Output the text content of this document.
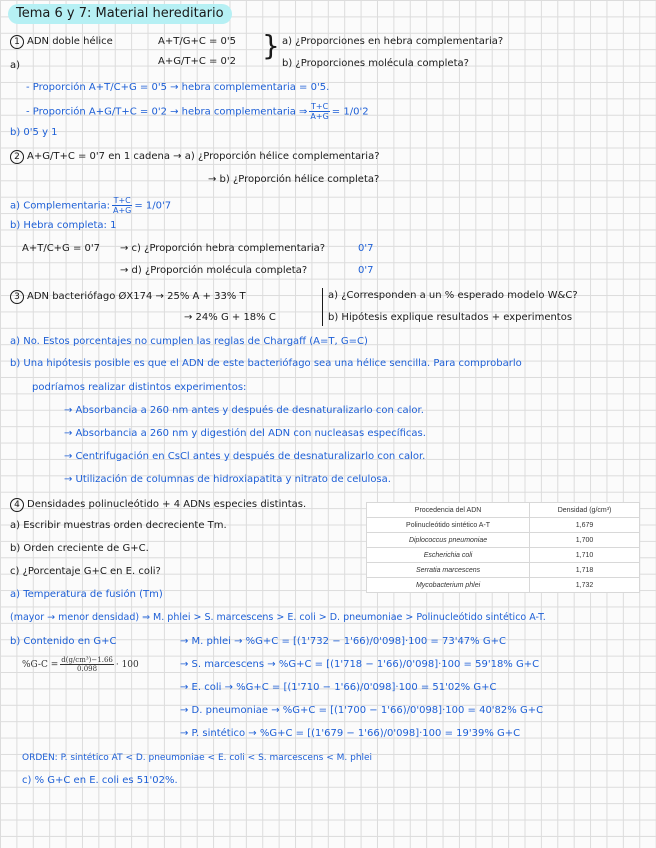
Tema 6 y 7: Material hereditario
1 ADN doble hélice	A+T/G+C = 0'5
A+G/T+C = 0'2 } a) ¿Proporciones en hebra complementaria?
b) ¿Proporciones molécula completa?
a)
- Proporción A+T/C+G = 0'5 → hebra complementaria = 0'5.
- Proporción A+G/T+C = 0'2 → hebra complementaria ⇒ $\frac{T+C}{A+G} = 1/0'2$
b) 0'5 y 1
2 A+G/T+C = 0'7 en 1 cadena → a) ¿Proporción hélice complementaria?
→ b) ¿Proporción hélice completa?
a) Complementaria: $\frac{T+C}{A+G} = 1/0'7$
b) Hebra completa: 1
A+T/C+G = 0'7 → c) ¿Proporción hebra complementaria?	0'7
→ d) ¿Proporción molécula completa?	0'7
3 ADN bacteriófago ØX174 → 25% A + 33% T
→ 24% G + 18% C
a) ¿Corresponden a un % esperado modelo W&C?
b) Hipótesis explique resultados + experimentos
a) No. Estos porcentajes no cumplen las reglas de Chargaff (A=T, G=C)
b) Una hipótesis posible es que el ADN de este bacteriófago sea una hélice sencilla. Para comprobarlo
podríamos realizar distintos experimentos:
→ Absorbancia a 260 nm antes y después de desnaturalizarlo con calor.
→ Absorbancia a 260 nm y digestión del ADN con nucleasas específicas.
→ Centrifugación en CsCl antes y después de desnaturalizarlo con calor.
→ Utilización de columnas de hidroxiapatita y nitrato de celulosa.
4 Densidades polinucleótido + 4 ADNs especies distintas.
a) Escribir muestras orden decreciente Tm.
b) Orden creciente de G+C.
c) ¿Porcentaje G+C en E. coli?
a) Temperatura de fusión (Tm)
(mayor → menor densidad) ⇒ M. phlei > S. marcescens > E. coli > D. pneumoniae > Polinucleótido sintético A-T.
b) Contenido en G+C
$\%G-C = \frac{\text{d(g/cm³)−1.66}}{0.098} \cdot 100$
→ M. phlei → %G+C = [(1'732 − 1'66)/0'098]·100 = 73'47% G+C
→ S. marcescens → %G+C = [(1'718 − 1'66)/0'098]·100 = 59'18% G+C
→ E. coli → %G+C = [(1'710 − 1'66)/0'098]·100 = 51'02% G+C
→ D. pneumoniae → %G+C = [(1'700 − 1'66)/0'098]·100 = 40'82% G+C
→ P. sintético → %G+C = [(1'679 − 1'66)/0'098]·100 = 19'39% G+C
ORDEN: P. sintético AT < D. pneumoniae < E. coli < S. marcescens < M. phlei
c) % G+C en E. coli es 51'02%.
Procedencia del ADN	Densidad (g/cm³)
Polinucleótido sintético A-T	1,679
Diplococcus pneumoniae	1,700
Escherichia coli	1,710
Serratia marcescens	1,718
Mycobacterium phlei	1,732
